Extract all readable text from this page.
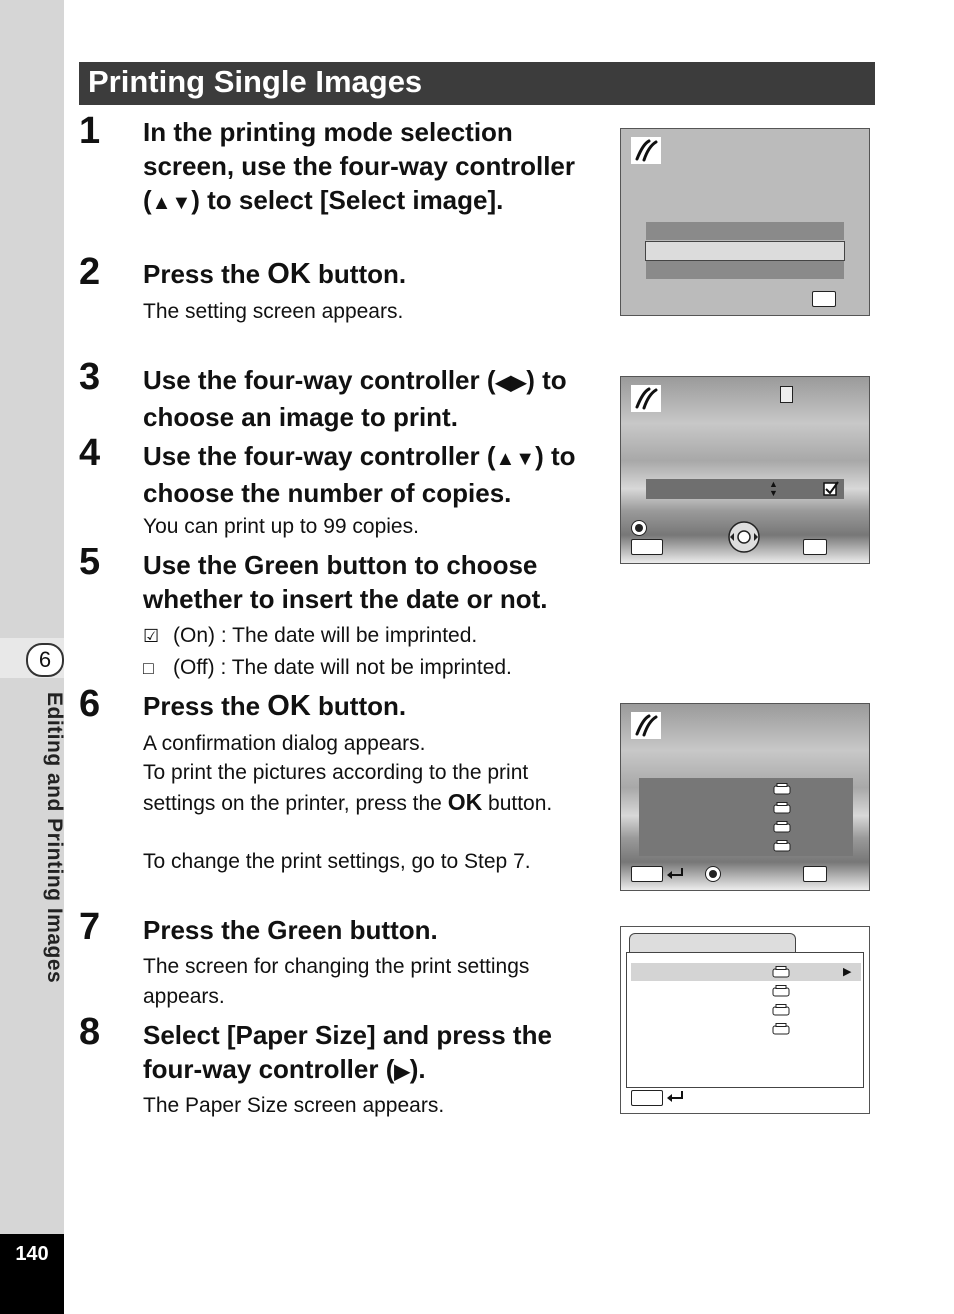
6
Editing and Printing Images
140
Printing Single Images
1 In the printing mode selection screen, use the four-way controller (▲▼) to select [Select image].
2 Press the OK button.
The setting screen appears.
3 Use the four-way controller (◀▶) to choose an image to print.
4 Use the four-way controller (▲▼) to choose the number of copies.
You can print up to 99 copies.
5 Use the Green button to choose whether to insert the date or not.
☑ (On) : The date will be imprinted.
□ (Off) : The date will not be imprinted.
6 Press the OK button.
A confirmation dialog appears.
To print the pictures according to the print settings on the printer, press the OK button.
To change the print settings, go to Step 7.
7 Press the Green button.
The screen for changing the print settings appears.
8 Select [Paper Size] and press the four-way controller (▶).
The Paper Size screen appears.
▲
▼
▶
